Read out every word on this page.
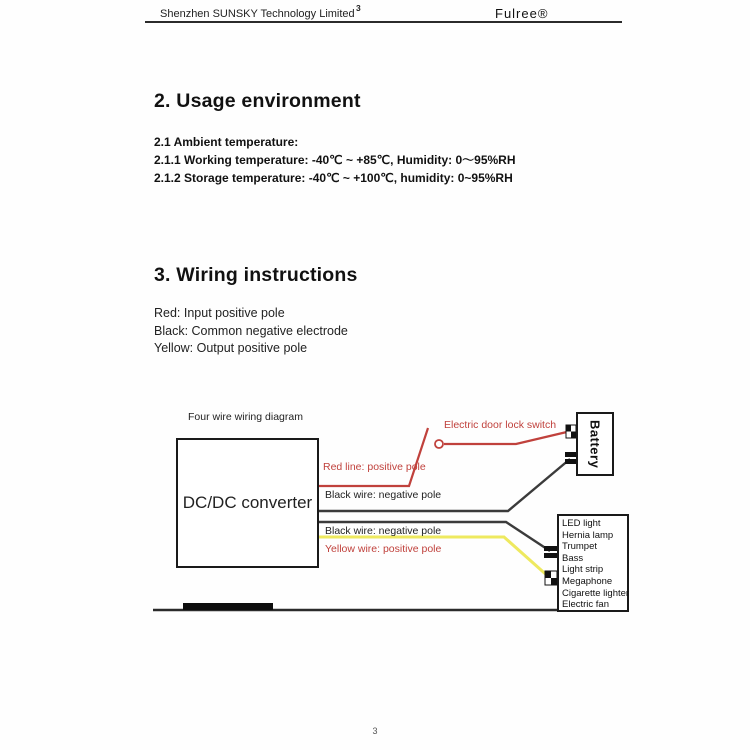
Shenzhen SUNSKY Technology Limited 3	Fulree®
2. Usage environment
2.1 Ambient temperature:
2.1.1 Working temperature: -40℃ ~ +85℃, Humidity: 0～95%RH
2.1.2 Storage temperature: -40℃ ~ +100℃, humidity: 0~95%RH
3. Wiring instructions
Red: Input positive pole
Black: Common negative electrode
Yellow: Output positive pole
Four wire wiring diagram
DC/DC converter
Battery
LED light
Hernia lamp
Trumpet
Bass
Light strip
Megaphone
Cigarette lighter
Electric fan
Red line: positive pole
Black wire: negative pole
Black wire: negative pole
Yellow wire: positive pole
Electric door lock switch
3
